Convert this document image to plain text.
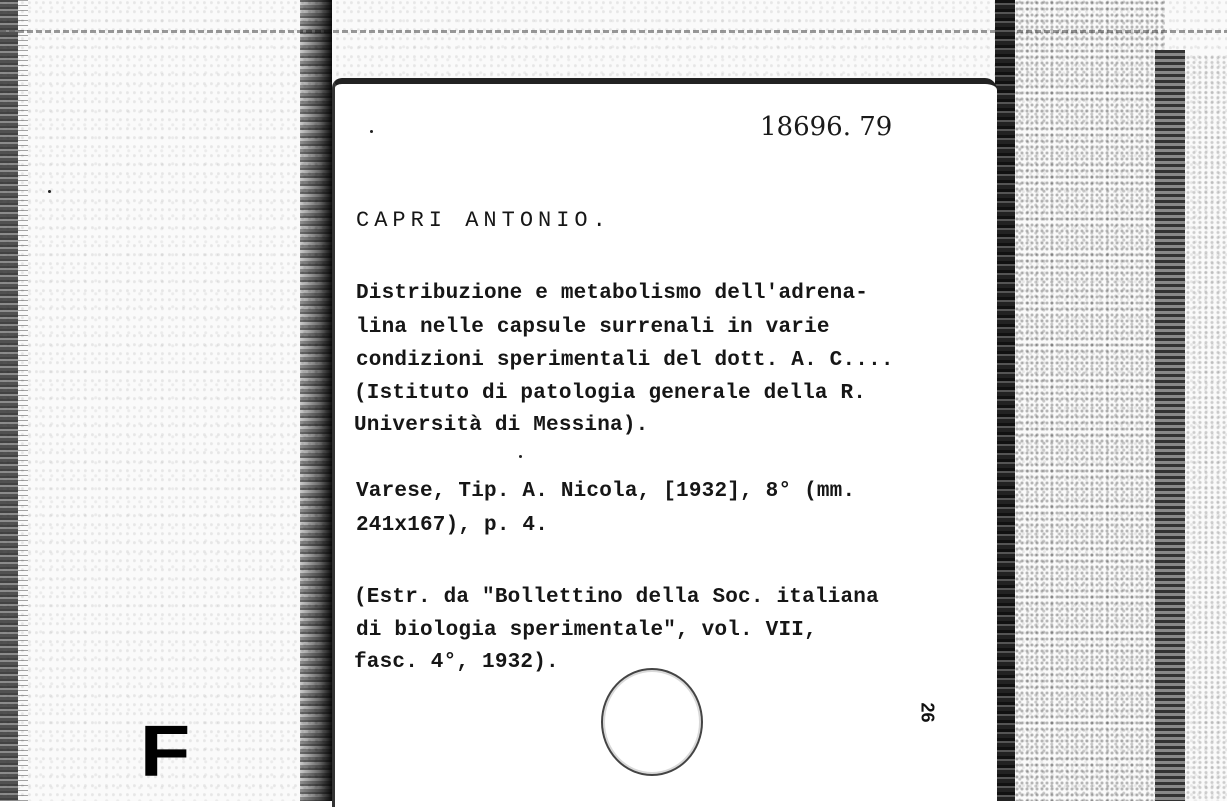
18696. 79

CAPRI ANTONIO.

Distribuzione e metabolismo dell'adrena-

lina nelle capsule surrenali in varie

condizioni sperimentali del dott. A. C....

(Istituto di patologia generale della R.

Università di Messina).

Varese, Tip. A. Nicola, [1932], 8° (mm.

241x167), p. 4.

(Estr. da "Bollettino della Soc. italiana

di biologia sperimentale", vol. VII,

fasc. 4°, 1932).

26
F
